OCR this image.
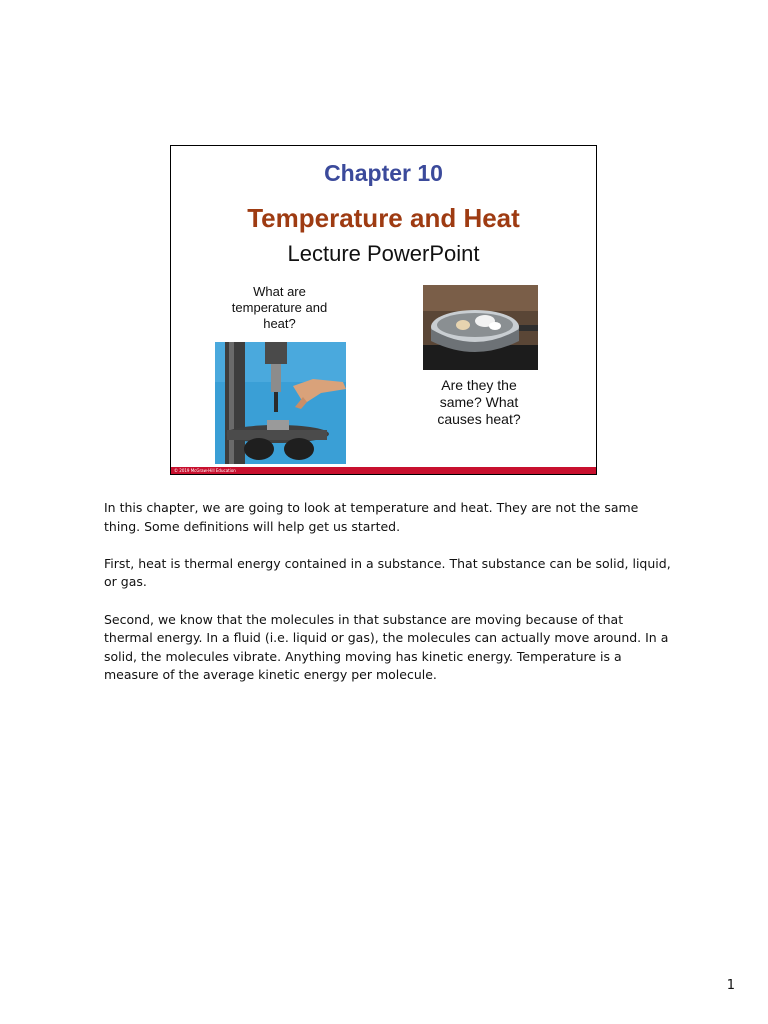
Chapter 10
Temperature and Heat
Lecture PowerPoint
What are temperature and heat?
Are they the same? What causes heat?
© 2019 McGraw-Hill Education

In this chapter, we are going to look at temperature and heat. They are not the same thing. Some definitions will help get us started.

First, heat is thermal energy contained in a substance. That substance can be solid, liquid, or gas.

Second, we know that the molecules in that substance are moving because of that thermal energy. In a fluid (i.e. liquid or gas), the molecules can actually move around. In a solid, the molecules vibrate. Anything moving has kinetic energy. Temperature is a measure of the average kinetic energy per molecule.

1
